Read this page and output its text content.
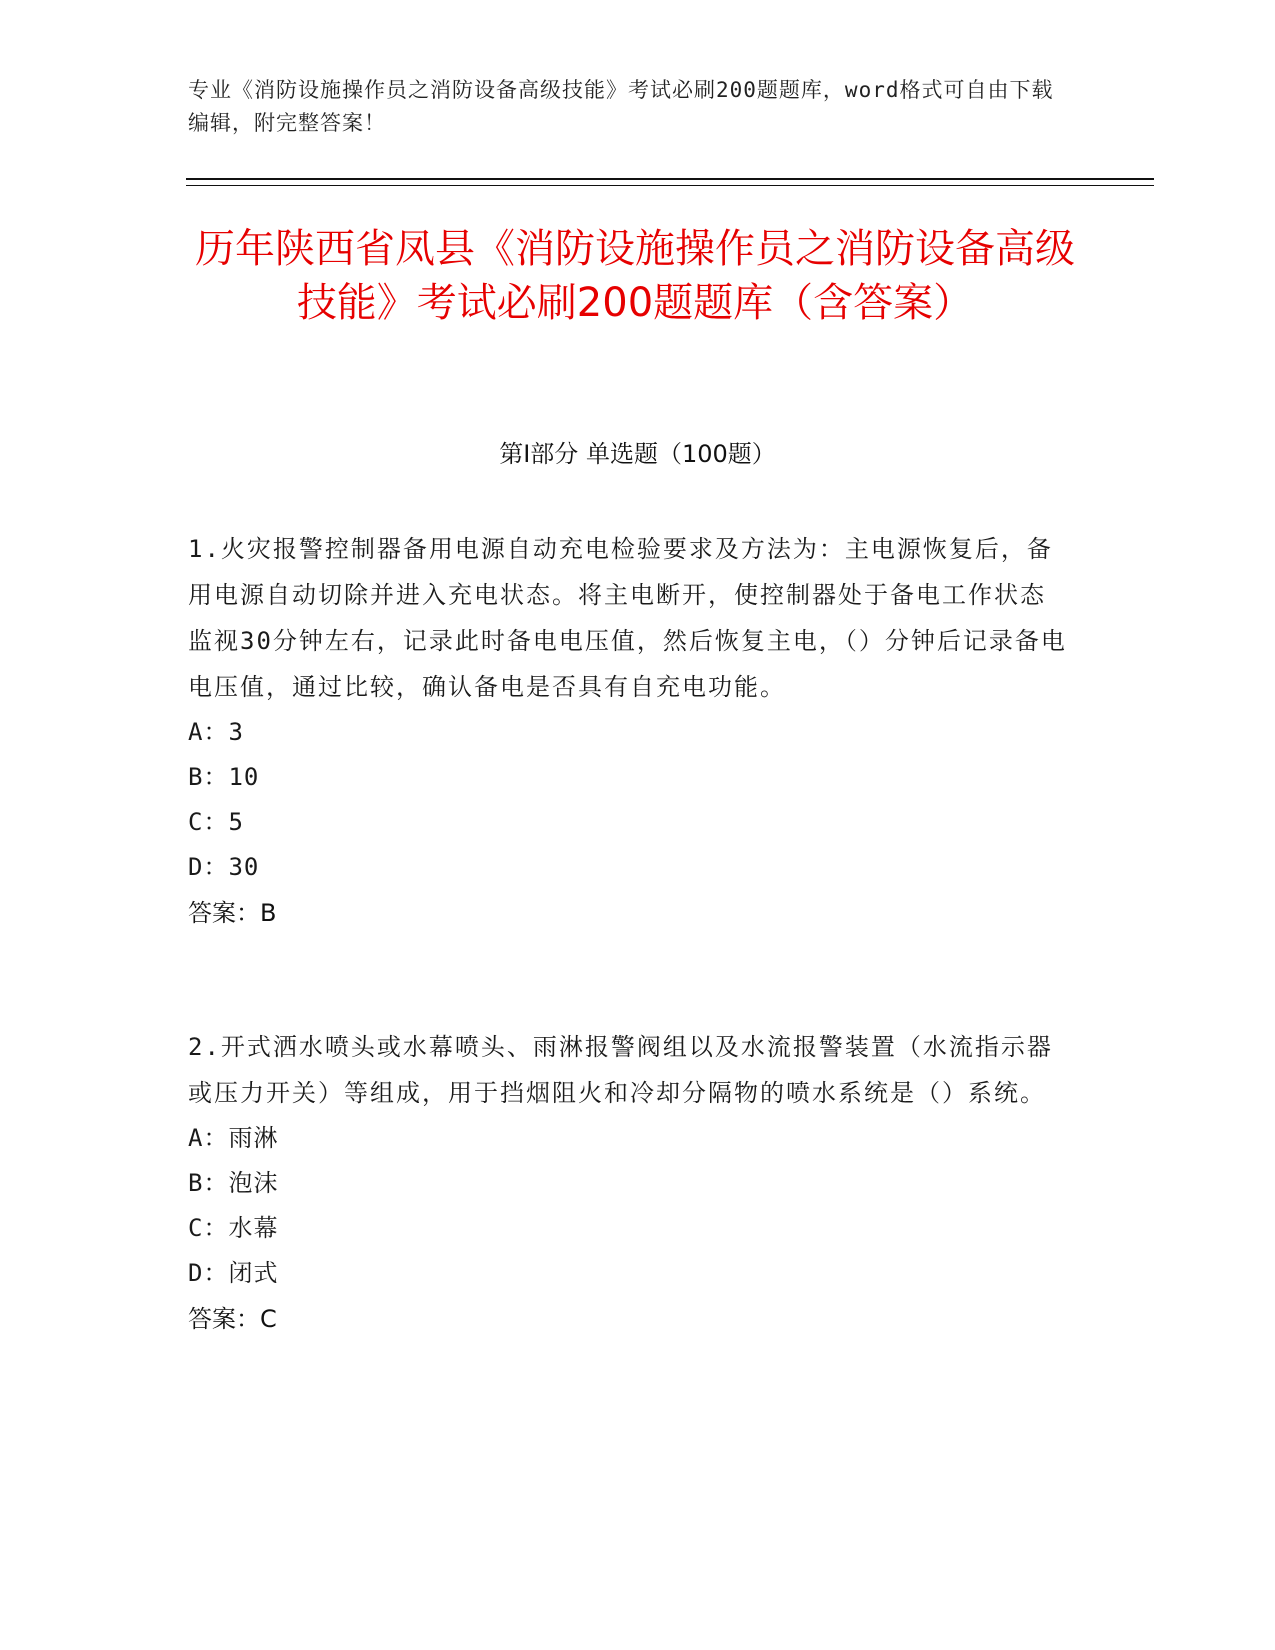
专业《消防设施操作员之消防设备高级技能》考试必刷200题题库，word格式可自由下载编辑，附完整答案！
历年陕西省凤县《消防设施操作员之消防设备高级技能》考试必刷200题题库（含答案）
第I部分 单选题（100题）
1.火灾报警控制器备用电源自动充电检验要求及方法为：主电源恢复后，备用电源自动切除并进入充电状态。将主电断开，使控制器处于备电工作状态监视30分钟左右，记录此时备电电压值，然后恢复主电，（）分钟后记录备电电压值，通过比较，确认备电是否具有自充电功能。
A：3
B：10
C：5
D：30
答案：B
2.开式洒水喷头或水幕喷头、雨淋报警阀组以及水流报警装置（水流指示器或压力开关）等组成，用于挡烟阻火和冷却分隔物的喷水系统是（）系统。
A：雨淋
B：泡沫
C：水幕
D：闭式
答案：C
